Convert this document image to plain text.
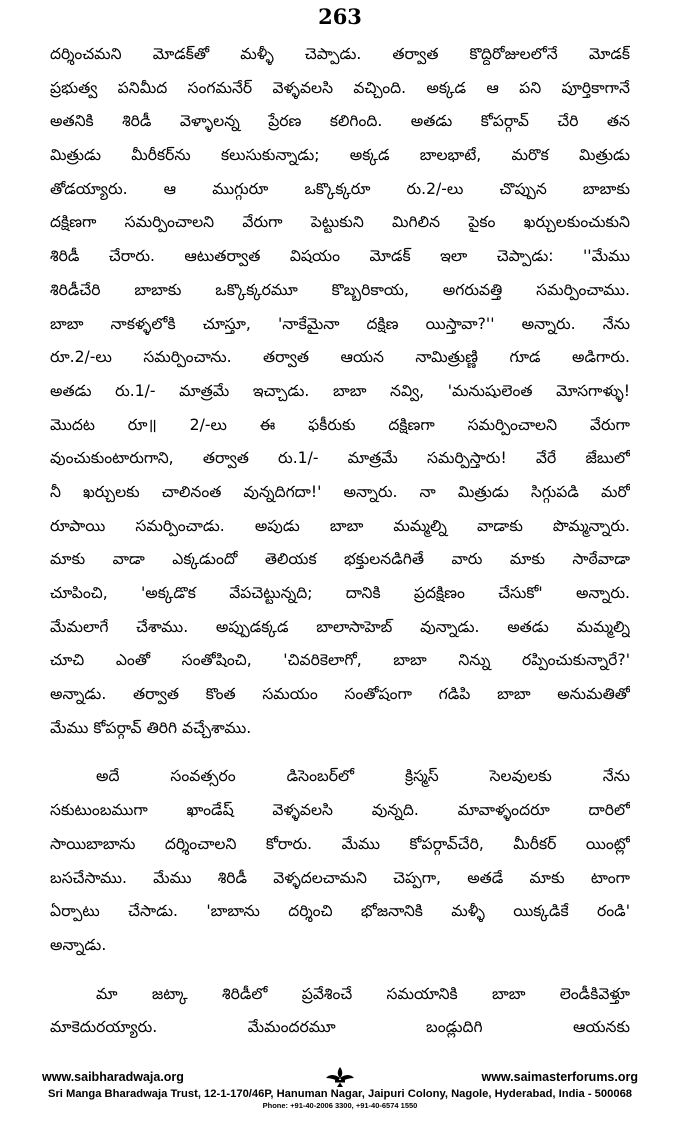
263
దర్శించమని మోడక్‌తో మళ్ళీ చెప్పాడు. తర్వాత కొద్దిరోజులలోనే మోడక్
ప్రభుత్వ పనిమీద సంగమనేర్ వెళ్ళవలసి వచ్చింది. అక్కడ ఆ పని పూర్తికాగానే
అతనికి శిరిడీ వెళ్ళాలన్న ప్రేరణ కలిగింది. అతడు కోపర్గావ్ చేరి తన
మిత్రుడు మీరీకర్‌ను కలుసుకున్నాడు; అక్కడ బాలభాటే, మరొక మిత్రుడు
తోడయ్యారు. ఆ ముగ్గురూ ఒక్కొక్కరూ రు.2/-లు చొప్పున బాబాకు
దక్షిణగా సమర్పించాలని వేరుగా పెట్టుకుని మిగిలిన పైకం ఖర్చులకుంచుకుని
శిరిడీ చేరారు. ఆటుతర్వాత విషయం మోడక్ ఇలా చెప్పాడు: ''మేము
శిరిడీచేరి బాబాకు ఒక్కొక్కరమూ కొబ్బరికాయ, అగరువత్తి సమర్పించాము.
బాబా నాకళ్ళలోకి చూస్తూ, 'నాకేమైనా దక్షిణ యిస్తావా?'' అన్నారు. నేను
రూ.2/-లు సమర్పించాను. తర్వాత ఆయన నామిత్రుణ్ణి గూడ అడిగారు.
అతడు రు.1/- మాత్రమే ఇచ్చాడు. బాబా నవ్వి, 'మనుషులెంత మోసగాళ్ళు!
మొదట రూ॥ 2/-లు ఈ ఫకీరుకు దక్షిణగా సమర్పించాలని వేరుగా
వుంచుకుంటారుగాని, తర్వాత రు.1/- మాత్రమే సమర్పిస్తారు! వేరే జేబులో
నీ ఖర్చులకు చాలినంత వున్నదిగదా!' అన్నారు. నా మిత్రుడు సిగ్గుపడి మరో
రూపాయి సమర్పించాడు. అపుడు బాబా మమ్మల్ని వాడాకు పొమ్మన్నారు.
మాకు వాడా ఎక్కడుందో తెలియక భక్తులనడిగితే వారు మాకు సాఠేవాడా
చూపించి, 'అక్కడొక వేపచెట్టున్నది; దానికి ప్రదక్షిణం చేసుకో' అన్నారు.
మేమలాగే చేశాము. అప్పుడక్కడ బాలాసాహెబ్ వున్నాడు. అతడు మమ్మల్ని
చూచి ఎంతో సంతోషించి, 'చివరికెలాగో, బాబా నిన్ను రప్పించుకున్నారే?'
అన్నాడు. తర్వాత కొంత సమయం సంతోషంగా గడిపి బాబా అనుమతితో
మేము కోపర్గావ్ తిరిగి వచ్చేశాము.
అదే సంవత్సరం డిసెంబర్‌లో క్రిస్మస్ సెలవులకు నేను
సకుటుంబముగా ఖాండేష్ వెళ్ళవలసి వున్నది. మావాళ్ళందరూ దారిలో
సాయిబాబాను దర్శించాలని కోరారు. మేము కోపర్గావ్‌చేరి, మీరీకర్ యింట్లో
బసచేసాము. మేము శిరిడీ వెళ్ళదలచామని చెప్పగా, అతడే మాకు టాంగా
ఏర్పాటు చేసాడు. 'బాబాను దర్శించి భోజనానికి మళ్ళీ యిక్కడికే రండి'
అన్నాడు.
మా జట్కా శిరిడీలో ప్రవేశించే సమయానికి బాబా లెండీకివెళ్తూ
మాకెదురయ్యారు. మేమందరమూ బండ్లుదిగి ఆయనకు
www.saibharadwaja.org	www.saimasterforums.org
Sri Manga Bharadwaja Trust, 12-1-170/46P, Hanuman Nagar, Jaipuri Colony, Nagole, Hyderabad, India - 500068
Phone: +91-40-2006 3300, +91-40-6574 1550
